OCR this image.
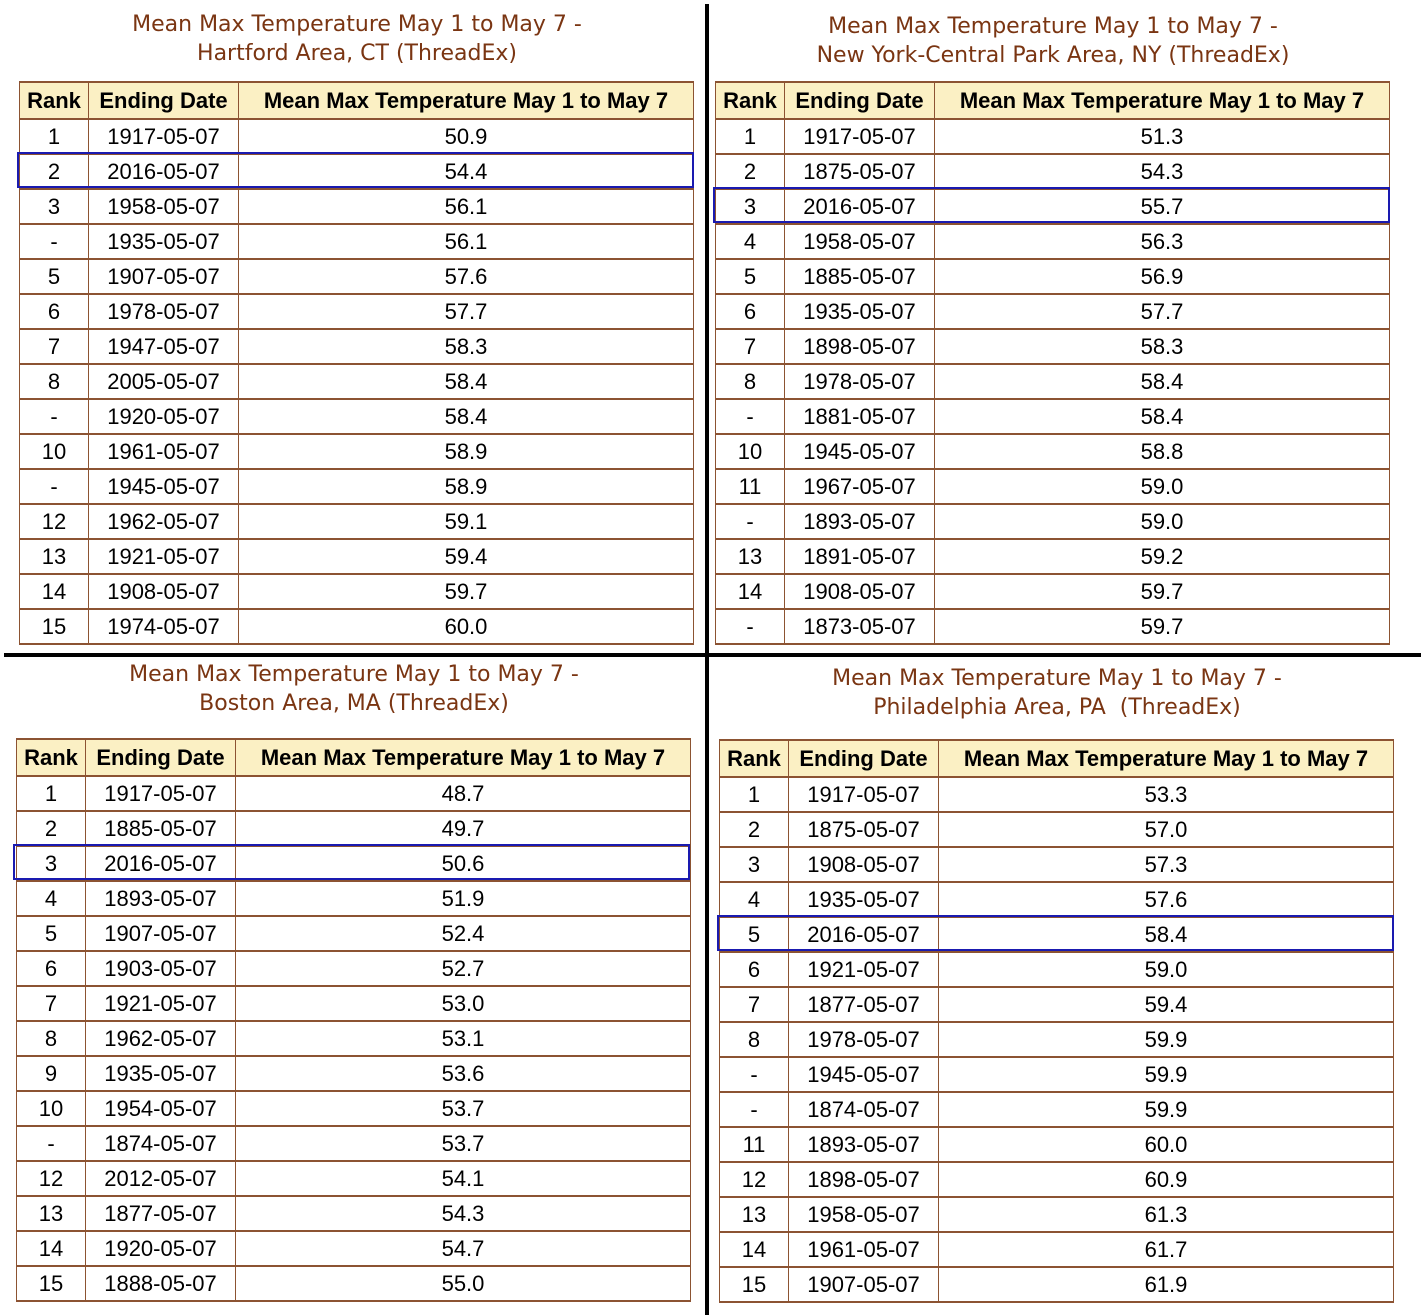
Mean Max Temperature May 1 to May 7 -
Hartford Area, CT (ThreadEx)
Rank	Ending Date	Mean Max Temperature May 1 to May 7
1	1917-05-07	50.9
2	2016-05-07	54.4
3	1958-05-07	56.1
-	1935-05-07	56.1
5	1907-05-07	57.6
6	1978-05-07	57.7
7	1947-05-07	58.3
8	2005-05-07	58.4
-	1920-05-07	58.4
10	1961-05-07	58.9
-	1945-05-07	58.9
12	1962-05-07	59.1
13	1921-05-07	59.4
14	1908-05-07	59.7
15	1974-05-07	60.0
Mean Max Temperature May 1 to May 7 -
New York-Central Park Area, NY (ThreadEx)
Rank	Ending Date	Mean Max Temperature May 1 to May 7
1	1917-05-07	51.3
2	1875-05-07	54.3
3	2016-05-07	55.7
4	1958-05-07	56.3
5	1885-05-07	56.9
6	1935-05-07	57.7
7	1898-05-07	58.3
8	1978-05-07	58.4
-	1881-05-07	58.4
10	1945-05-07	58.8
11	1967-05-07	59.0
-	1893-05-07	59.0
13	1891-05-07	59.2
14	1908-05-07	59.7
-	1873-05-07	59.7
Mean Max Temperature May 1 to May 7 -
Boston Area, MA (ThreadEx)
Rank	Ending Date	Mean Max Temperature May 1 to May 7
1	1917-05-07	48.7
2	1885-05-07	49.7
3	2016-05-07	50.6
4	1893-05-07	51.9
5	1907-05-07	52.4
6	1903-05-07	52.7
7	1921-05-07	53.0
8	1962-05-07	53.1
9	1935-05-07	53.6
10	1954-05-07	53.7
-	1874-05-07	53.7
12	2012-05-07	54.1
13	1877-05-07	54.3
14	1920-05-07	54.7
15	1888-05-07	55.0
Mean Max Temperature May 1 to May 7 -
Philadelphia Area, PA  (ThreadEx)
Rank	Ending Date	Mean Max Temperature May 1 to May 7
1	1917-05-07	53.3
2	1875-05-07	57.0
3	1908-05-07	57.3
4	1935-05-07	57.6
5	2016-05-07	58.4
6	1921-05-07	59.0
7	1877-05-07	59.4
8	1978-05-07	59.9
-	1945-05-07	59.9
-	1874-05-07	59.9
11	1893-05-07	60.0
12	1898-05-07	60.9
13	1958-05-07	61.3
14	1961-05-07	61.7
15	1907-05-07	61.9
